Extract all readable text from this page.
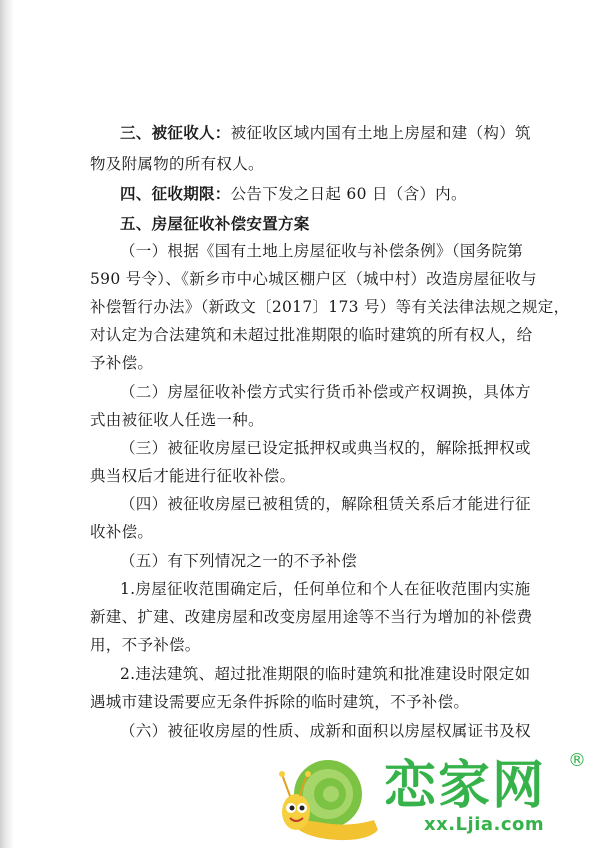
三、被征收人：被征收区域内国有土地上房屋和建（构）筑
物及附属物的所有权人。
四、征收期限：公告下发之日起 60 日（含）内。
五、房屋征收补偿安置方案
（一）根据《国有土地上房屋征收与补偿条例》（国务院第
590 号令）、《新乡市中心城区棚户区（城中村）改造房屋征收与
补偿暂行办法》（新政文〔2017〕173 号）等有关法律法规之规定，
对认定为合法建筑和未超过批准期限的临时建筑的所有权人，给
予补偿。
（二）房屋征收补偿方式实行货币补偿或产权调换，具体方
式由被征收人任选一种。
（三）被征收房屋已设定抵押权或典当权的，解除抵押权或
典当权后才能进行征收补偿。
（四）被征收房屋已被租赁的，解除租赁关系后才能进行征
收补偿。
（五）有下列情况之一的不予补偿
1.房屋征收范围确定后，任何单位和个人在征收范围内实施
新建、扩建、改建房屋和改变房屋用途等不当行为增加的补偿费
用，不予补偿。
2.违法建筑、超过批准期限的临时建筑和批准建设时限定如
遇城市建设需要应无条件拆除的临时建筑，不予补偿。
（六）被征收房屋的性质、成新和面积以房屋权属证书及权
恋家网 ®
xx.Ljia.com
